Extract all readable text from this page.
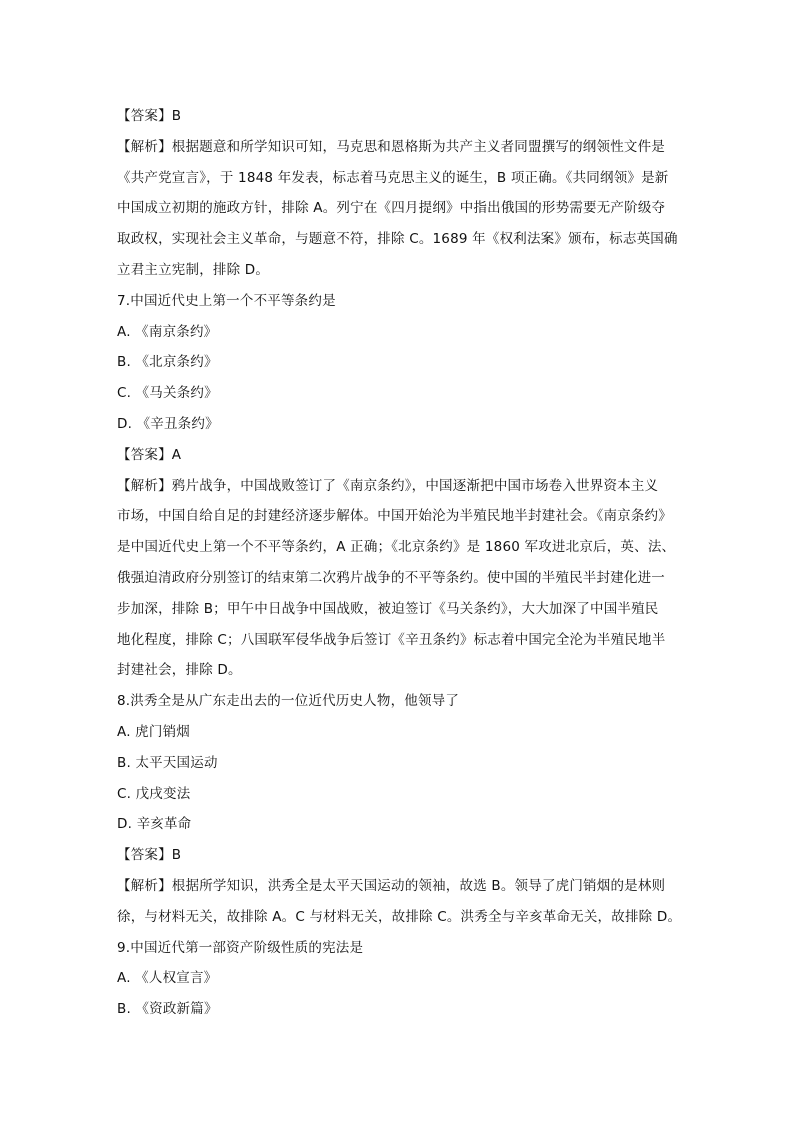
【答案】B
【解析】根据题意和所学知识可知，马克思和恩格斯为共产主义者同盟撰写的纲领性文件是
《共产党宣言》，于 1848 年发表，标志着马克思主义的诞生，B 项正确。《共同纲领》是新
中国成立初期的施政方针，排除 A。列宁在《四月提纲》中指出俄国的形势需要无产阶级夺
取政权，实现社会主义革命，与题意不符，排除 C。1689 年《权利法案》颁布，标志英国确
立君主立宪制，排除 D。
7.中国近代史上第一个不平等条约是
A. 《南京条约》
B. 《北京条约》
C. 《马关条约》
D. 《辛丑条约》
【答案】A
【解析】鸦片战争，中国战败签订了《南京条约》，中国逐渐把中国市场卷入世界资本主义
市场，中国自给自足的封建经济逐步解体。中国开始沦为半殖民地半封建社会。《南京条约》
是中国近代史上第一个不平等条约，A 正确；《北京条约》是 1860 军攻进北京后，英、法、
俄强迫清政府分别签订的结束第二次鸦片战争的不平等条约。使中国的半殖民半封建化进一
步加深，排除 B；甲午中日战争中国战败，被迫签订《马关条约》，大大加深了中国半殖民
地化程度，排除 C；八国联军侵华战争后签订《辛丑条约》标志着中国完全沦为半殖民地半
封建社会，排除 D。
8.洪秀全是从广东走出去的一位近代历史人物，他领导了
A. 虎门销烟
B. 太平天国运动
C. 戊戌变法
D. 辛亥革命
【答案】B
【解析】根据所学知识，洪秀全是太平天国运动的领袖，故选 B。领导了虎门销烟的是林则
徐，与材料无关，故排除 A。C 与材料无关，故排除 C。洪秀全与辛亥革命无关，故排除 D。
9.中国近代第一部资产阶级性质的宪法是
A. 《人权宣言》
B. 《资政新篇》
